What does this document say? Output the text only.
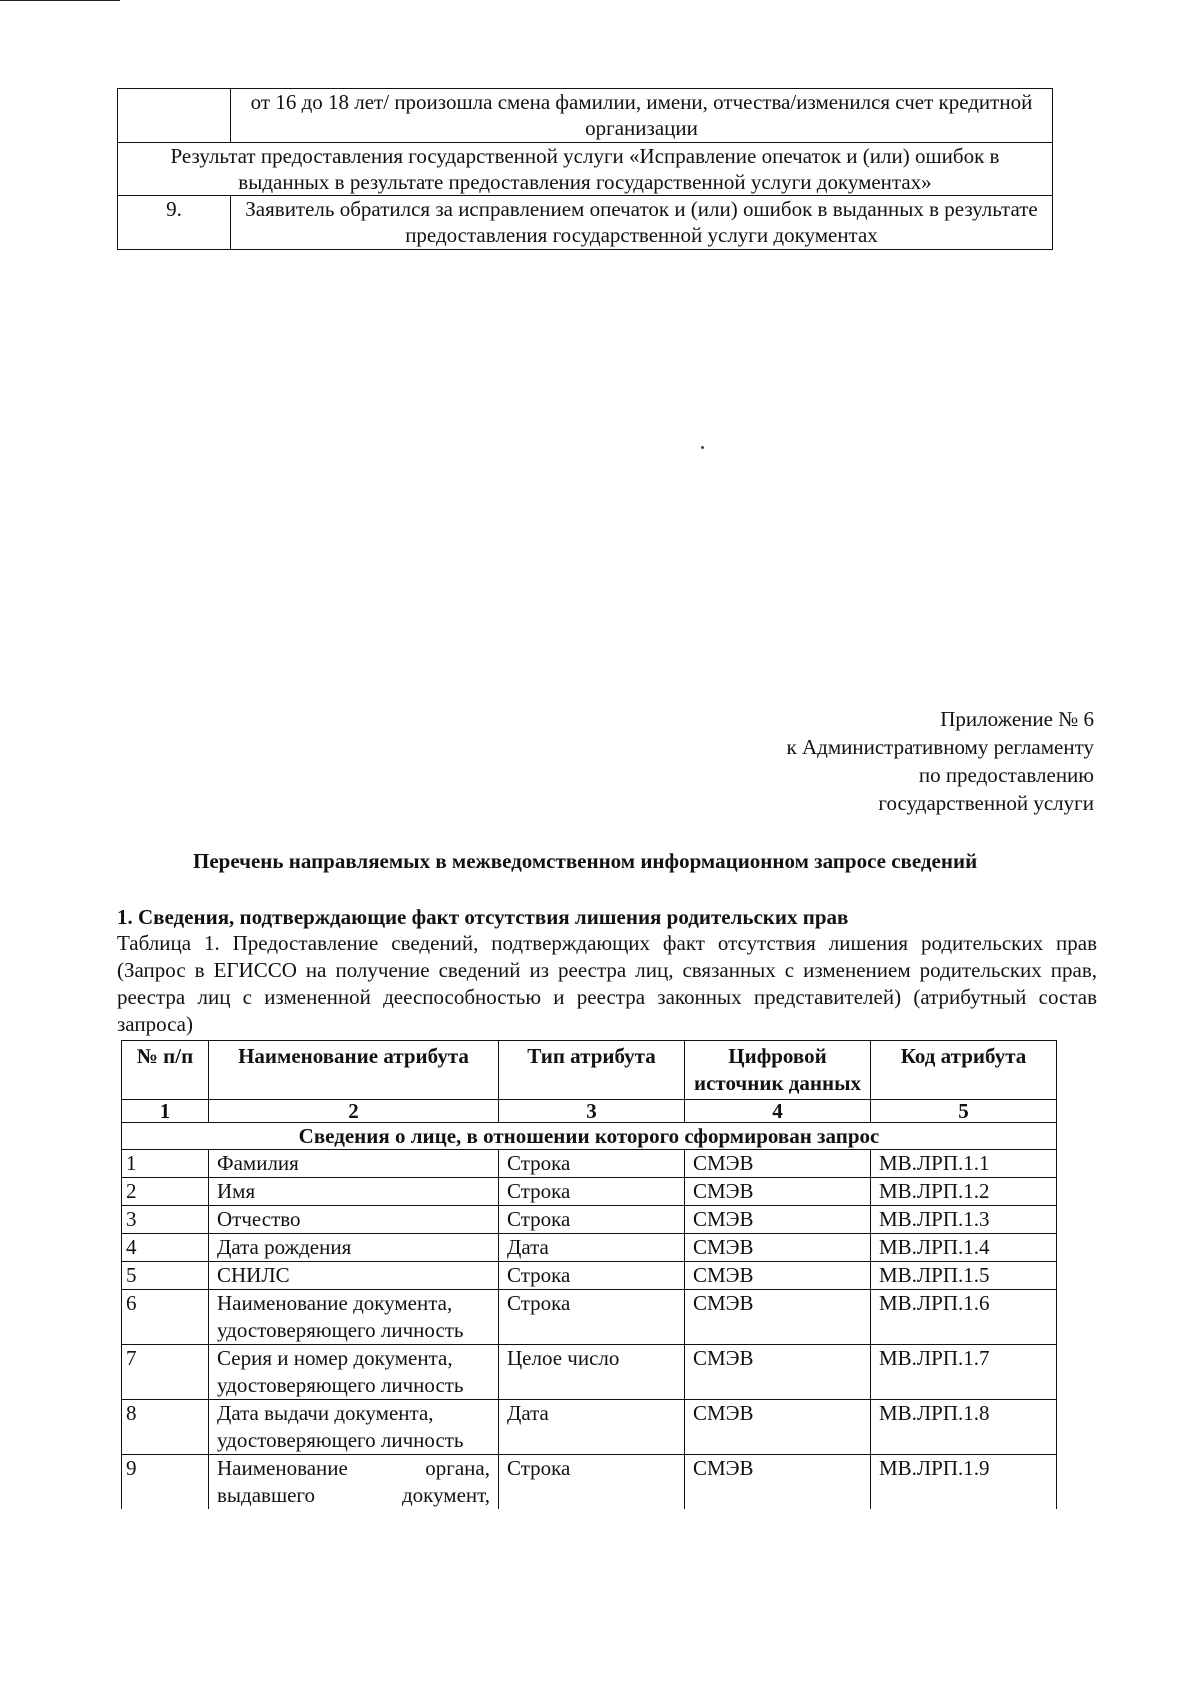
	от 16 до 18 лет/ произошла смена фамилии, имени, отчества/изменился счет кредитной организации
Результат предоставления государственной услуги «Исправление опечаток и (или) ошибок в выданных в результате предоставления государственной услуги документах»	
9.	Заявитель обратился за исправлением опечаток и (или) ошибок в выданных в результате предоставления государственной услуги документах
Приложение № 6
к Административному регламенту
по предоставлению
государственной услуги
Перечень направляемых в межведомственном информационном запросе сведений
1. Сведения, подтверждающие факт отсутствия лишения родительских прав
Таблица 1. Предоставление сведений, подтверждающих факт отсутствия лишения родительских прав (Запрос в ЕГИССО на получение сведений из реестра лиц, связанных с изменением родительских прав, реестра лиц с измененной дееспособностью и реестра законных представителей) (атрибутный состав запроса)
№ п/п	Наименование атрибута	Тип атрибута	Цифровой источник данных	Код атрибута
1	2	3	4	5
Сведения о лице, в отношении которого сформирован запрос				
1	Фамилия	Строка	СМЭВ	МВ.ЛРП.1.1
2	Имя	Строка	СМЭВ	МВ.ЛРП.1.2
3	Отчество	Строка	СМЭВ	МВ.ЛРП.1.3
4	Дата рождения	Дата	СМЭВ	МВ.ЛРП.1.4
5	СНИЛС	Строка	СМЭВ	МВ.ЛРП.1.5
6	Наименование документа, удостоверяющего личность	Строка	СМЭВ	МВ.ЛРП.1.6
7	Серия и номер документа, удостоверяющего личность	Целое число	СМЭВ	МВ.ЛРП.1.7
8	Дата выдачи документа, удостоверяющего личность	Дата	СМЭВ	МВ.ЛРП.1.8
9	Наименование органа, выдавшего документ,	Строка	СМЭВ	МВ.ЛРП.1.9
